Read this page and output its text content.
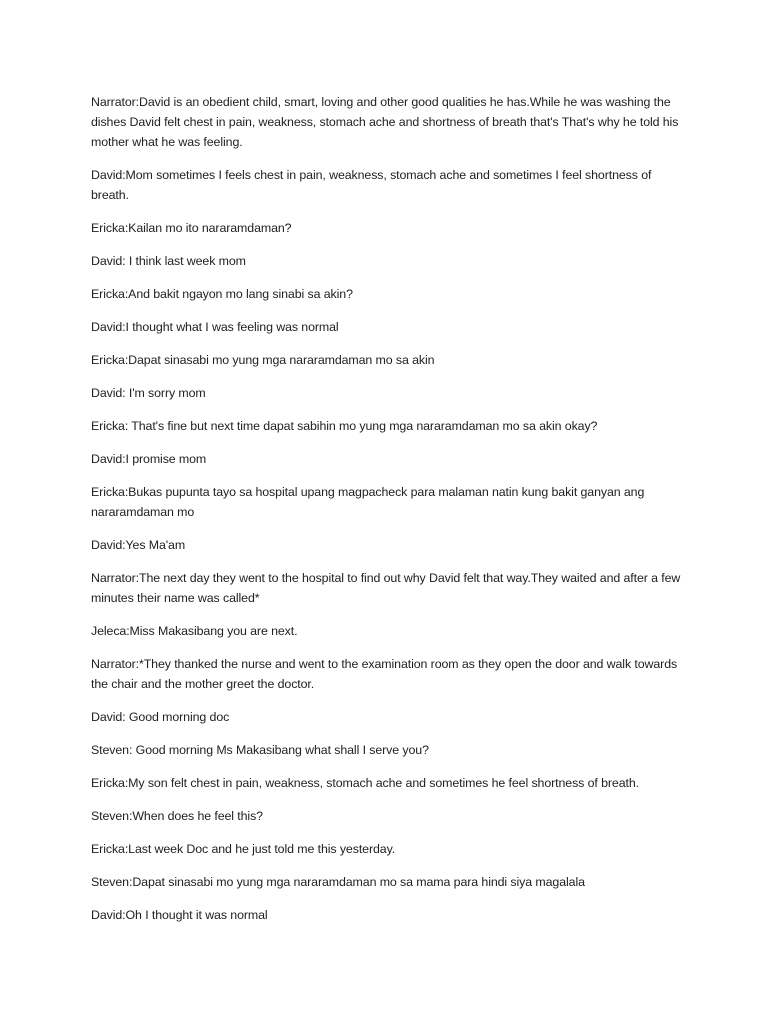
Narrator:David is an obedient child, smart, loving and other good qualities he has.While he was washing the dishes David felt chest in pain, weakness, stomach ache and shortness of breath that's That's why he told his mother what he was feeling.

David:Mom sometimes I feels chest in pain, weakness, stomach ache and sometimes I feel shortness of breath.

Ericka:Kailan mo ito nararamdaman?

David: I think last week mom

Ericka:And bakit ngayon mo lang sinabi sa akin?

David:I thought what I was feeling was normal

Ericka:Dapat sinasabi mo yung mga nararamdaman mo sa akin

David: I'm sorry mom

Ericka: That's fine but next time dapat sabihin mo yung mga nararamdaman mo sa akin okay?

David:I promise mom

Ericka:Bukas pupunta tayo sa hospital upang magpacheck para malaman natin kung bakit ganyan ang nararamdaman mo

David:Yes Ma'am

Narrator:The next day they went to the hospital to find out why David felt that way.They waited and after a few minutes their name was called*

Jeleca:Miss Makasibang you are next.

Narrator:*They thanked the nurse and went to the examination room as they open the door and walk towards the chair and the mother greet the doctor.

David: Good morning doc

Steven: Good morning Ms Makasibang what shall I serve you?

Ericka:My son felt chest in pain, weakness, stomach ache and sometimes he feel shortness of breath.

Steven:When does he feel this?

Ericka:Last week Doc and he just told me this yesterday.

Steven:Dapat sinasabi mo yung mga nararamdaman mo sa mama para hindi siya magalala

David:Oh I thought it was normal
